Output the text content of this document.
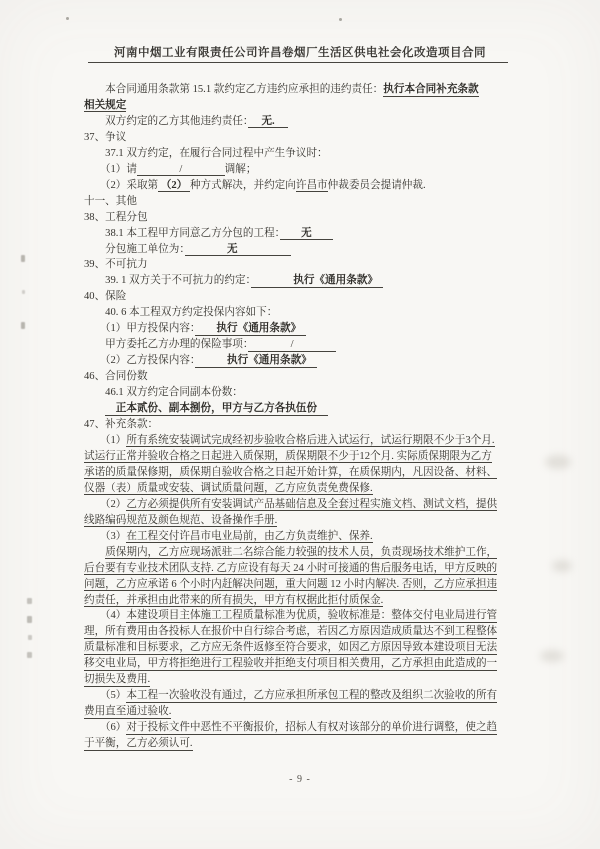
河南中烟工业有限责任公司许昌卷烟厂生活区供电社会化改造项目合同
　　本合同通用条款第 15.1 款约定乙方违约应承担的违约责任：执行本合同补充条款
相关规定
　　双方约定的乙方其他违约责任：　 无. 　
37、争议
　　37.1 双方约定，在履行合同过程中产生争议时：
　　（1）请　　　　/　　　　调解；
　　（2）采取第 （2） 种方式解决，并约定向许昌市仲裁委员会提请仲裁.
十一、其他
38、工程分包
　　38.1 本工程甲方同意乙方分包的工程：　　无　　
　　分包施工单位为：　　　　无　　　　　
39、不可抗力
　　39. 1 双方关于不可抗力的约定：　　　　执行《通用条款》　
40、保险
　　40. 6 本工程双方约定投保内容如下：
　　（1）甲方投保内容：　　执行《通用条款》　
　　甲方委托乙方办理的保险事项：　　　　/　　　　
　　（2）乙方投保内容：　　　执行《通用条款》　
46、合同份数
　　46.1 双方约定合同副本份数：
　　　正本贰份、副本捌份，甲方与乙方各执伍份　
47、补充条款：
　　（1）所有系统安装调试完成经初步验收合格后进入试运行，试运行期限不少于3个月.
试运行正常并验收合格之日起进入质保期，质保期限不少于12个月. 实际质保期限为乙方
承诺的质量保修期，质保期自验收合格之日起开始计算，在质保期内，凡因设备、材料、
仪器（表）质量或安装、调试质量问题，乙方应负责免费保修.
　　（2）乙方必须提供所有安装调试产品基础信息及全套过程实施文档、测试文档，提供
线路编码规范及颜色规范、设备操作手册.
　　（3）在工程交付许昌市电业局前，由乙方负责维护、保养.
　　质保期内，乙方应现场派驻二名综合能力较强的技术人员，负责现场技术维护工作，
后台要有专业技术团队支持. 乙方应设有每天 24 小时可接通的售后服务电话，甲方反映的
问题，乙方应承诺 6 个小时内赶解决问题，重大问题 12 小时内解决. 否则，乙方应承担违
约责任，并承担由此带来的所有损失，甲方有权据此拒付质保金.
　　（4）本建设项目主体施工工程质量标准为优质，验收标准是：整体交付电业局进行管
理，所有费用由各投标人在报价中自行综合考虑，若因乙方原因造成质量达不到工程整体
质量标准和目标要求，乙方应无条件返修至符合要求，如因乙方原因导致本建设项目无法
移交电业局，甲方将拒绝进行工程验收并拒绝支付项目相关费用，乙方承担由此造成的一
切损失及费用.
　　（5）本工程一次验收没有通过，乙方应承担所承包工程的整改及组织二次验收的所有
费用直至通过验收.
　　（6）对于投标文件中恶性不平衡报价，招标人有权对该部分的单价进行调整，使之趋
于平衡，乙方必须认可.
- 9 -
